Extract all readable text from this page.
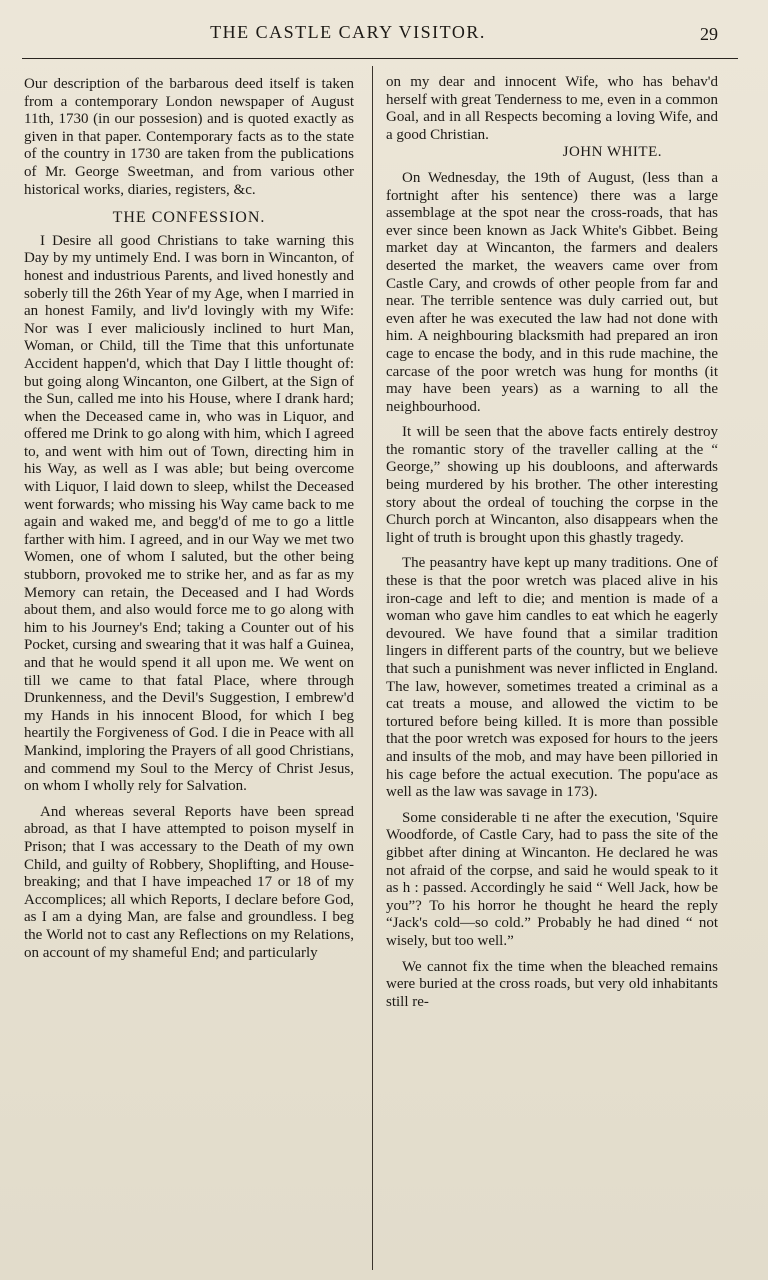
THE CASTLE CARY VISITOR.	29

Our description of the barbarous deed itself is taken from a contemporary London newspaper of August 11th, 1730 (in our possesion) and is quoted exactly as given in that paper. Contemporary facts as to the state of the country in 1730 are taken from the publications of Mr. George Sweetman, and from various other historical works, diaries, registers, &c.

THE CONFESSION.

I Desire all good Christians to take warning this Day by my untimely End. I was born in Wincanton, of honest and industrious Parents, and lived honestly and soberly till the 26th Year of my Age, when I married in an honest Family, and liv'd lovingly with my Wife: Nor was I ever maliciously inclined to hurt Man, Woman, or Child, till the Time that this unfortunate Accident happen'd, which that Day I little thought of: but going along Wincanton, one Gilbert, at the Sign of the Sun, called me into his House, where I drank hard; when the Deceased came in, who was in Liquor, and offered me Drink to go along with him, which I agreed to, and went with him out of Town, directing him in his Way, as well as I was able; but being overcome with Liquor, I laid down to sleep, whilst the Deceased went forwards; who missing his Way came back to me again and waked me, and begg'd of me to go a little farther with him. I agreed, and in our Way we met two Women, one of whom I saluted, but the other being stubborn, provoked me to strike her, and as far as my Memory can retain, the Deceased and I had Words about them, and also would force me to go along with him to his Journey's End; taking a Counter out of his Pocket, cursing and swearing that it was half a Guinea, and that he would spend it all upon me. We went on till we came to that fatal Place, where through Drunkenness, and the Devil's Suggestion, I embrew'd my Hands in his innocent Blood, for which I beg heartily the Forgiveness of God. I die in Peace with all Mankind, imploring the Prayers of all good Christians, and commend my Soul to the Mercy of Christ Jesus, on whom I wholly rely for Salvation.

And whereas several Reports have been spread abroad, as that I have attempted to poison myself in Prison; that I was accessary to the Death of my own Child, and guilty of Robbery, Shoplifting, and House-breaking; and that I have impeached 17 or 18 of my Accomplices; all which Reports, I declare before God, as I am a dying Man, are false and groundless. I beg the World not to cast any Reflections on my Relations, on account of my shameful End; and particularly

on my dear and innocent Wife, who has behav'd herself with great Tenderness to me, even in a common Goal, and in all Respects becoming a loving Wife, and a good Christian.

JOHN WHITE.

On Wednesday, the 19th of August, (less than a fortnight after his sentence) there was a large assemblage at the spot near the cross-roads, that has ever since been known as Jack White's Gibbet. Being market day at Wincanton, the farmers and dealers deserted the market, the weavers came over from Castle Cary, and crowds of other people from far and near. The terrible sentence was duly carried out, but even after he was executed the law had not done with him. A neighbouring blacksmith had prepared an iron cage to encase the body, and in this rude machine, the carcase of the poor wretch was hung for months (it may have been years) as a warning to all the neighbourhood.

It will be seen that the above facts entirely destroy the romantic story of the traveller calling at the “ George,” showing up his doubloons, and afterwards being murdered by his brother. The other interesting story about the ordeal of touching the corpse in the Church porch at Wincanton, also disappears when the light of truth is brought upon this ghastly tragedy.

The peasantry have kept up many traditions. One of these is that the poor wretch was placed alive in his iron-cage and left to die; and mention is made of a woman who gave him candles to eat which he eagerly devoured. We have found that a similar tradition lingers in different parts of the country, but we believe that such a punishment was never inflicted in England. The law, however, sometimes treated a criminal as a cat treats a mouse, and allowed the victim to be tortured before being killed. It is more than possible that the poor wretch was exposed for hours to the jeers and insults of the mob, and may have been pilloried in his cage before the actual execution. The popu'ace as well as the law was savage in 173).

Some considerable ti ne after the execution, 'Squire Woodforde, of Castle Cary, had to pass the site of the gibbet after dining at Wincanton. He declared he was not afraid of the corpse, and said he would speak to it as h : passed. Accordingly he said “ Well Jack, how be you”? To his horror he thought he heard the reply “Jack's cold—so cold.” Probably he had dined “ not wisely, but too well.”

We cannot fix the time when the bleached remains were buried at the cross roads, but very old inhabitants still re-
